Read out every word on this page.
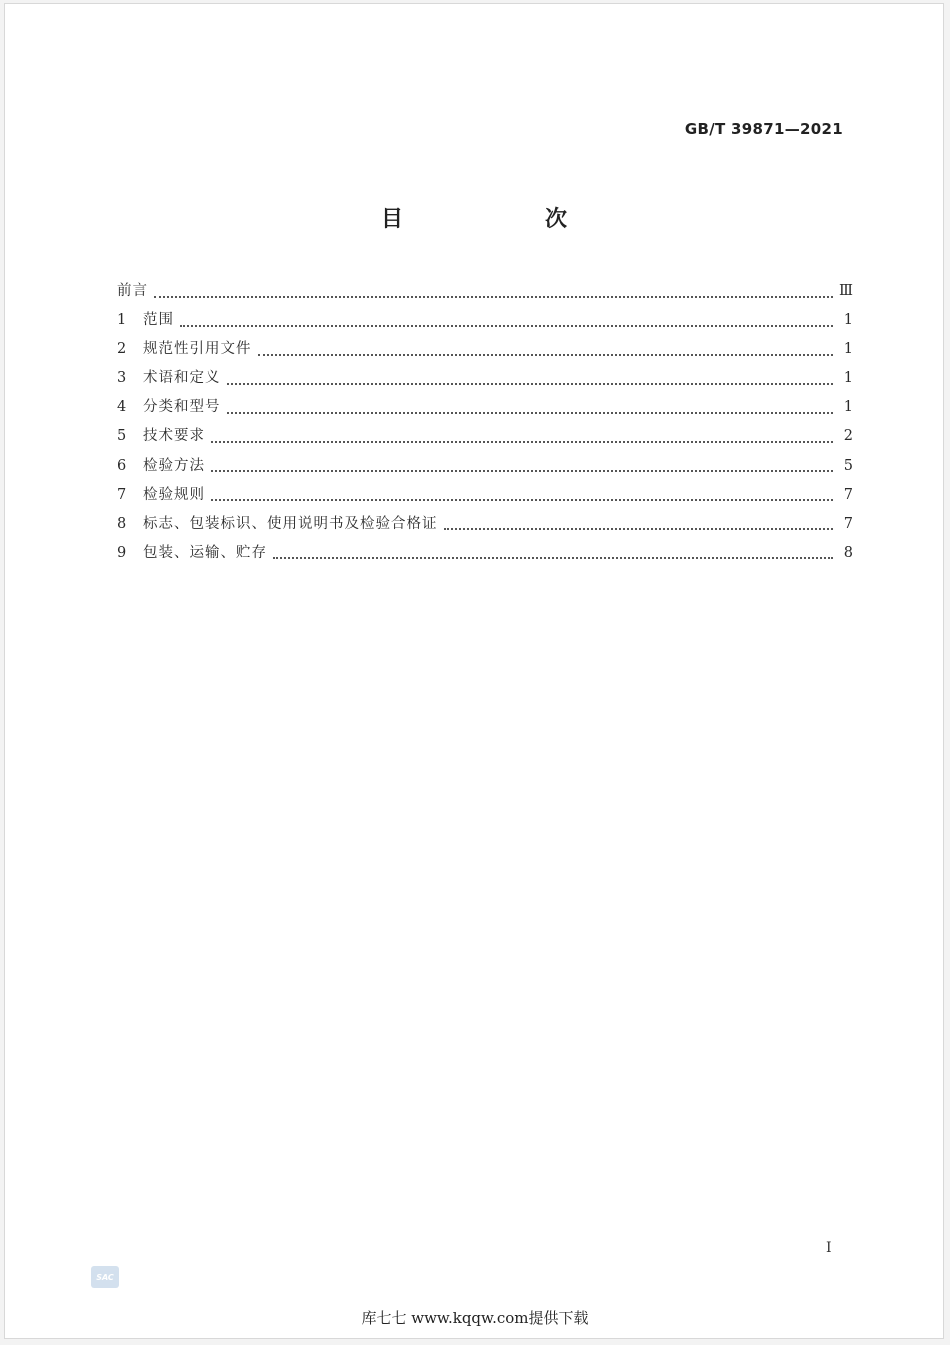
GB/T 39871—2021
目　次
前言	Ⅲ
1	范围	1
2	规范性引用文件	1
3	术语和定义	1
4	分类和型号	1
5	技术要求	2
6	检验方法	5
7	检验规则	7
8	标志、包装标识、使用说明书及检验合格证	7
9	包装、运输、贮存	8
I
SAC
库七七 www.kqqw.com提供下载
